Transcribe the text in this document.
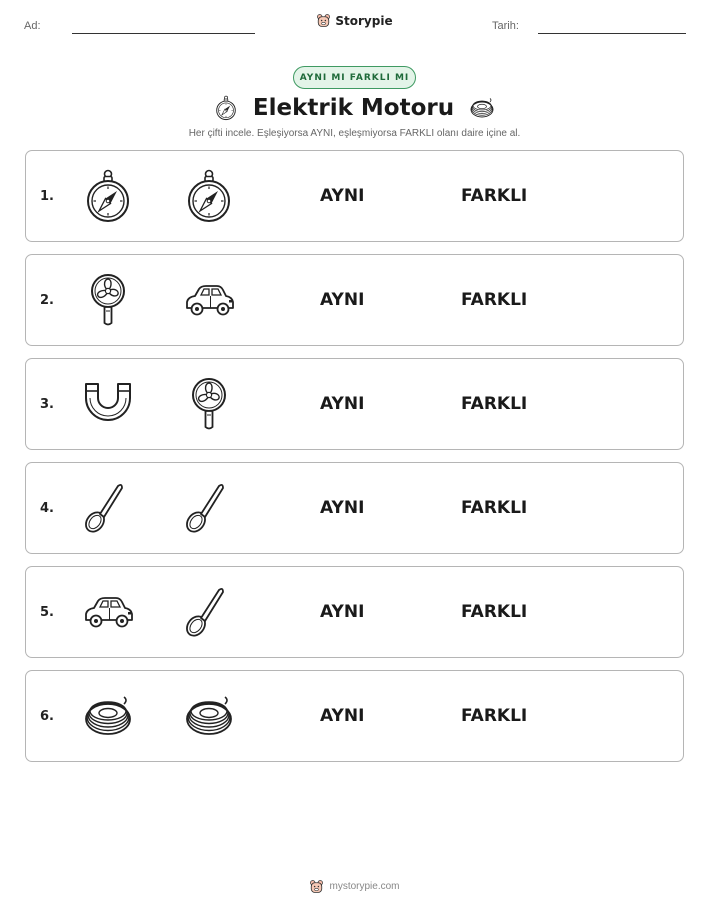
Ad:	Storypie	Tarih:
AYNI MI FARKLI MI
Elektrik Motoru
Her çifti incele. Eşleşiyorsa AYNI, eşleşmiyorsa FARKLI olanı daire içine al.
1.	AYNI	FARKLI
2.	AYNI	FARKLI
3.	AYNI	FARKLI
4.	AYNI	FARKLI
5.	AYNI	FARKLI
6.	AYNI	FARKLI
mystorypie.com
